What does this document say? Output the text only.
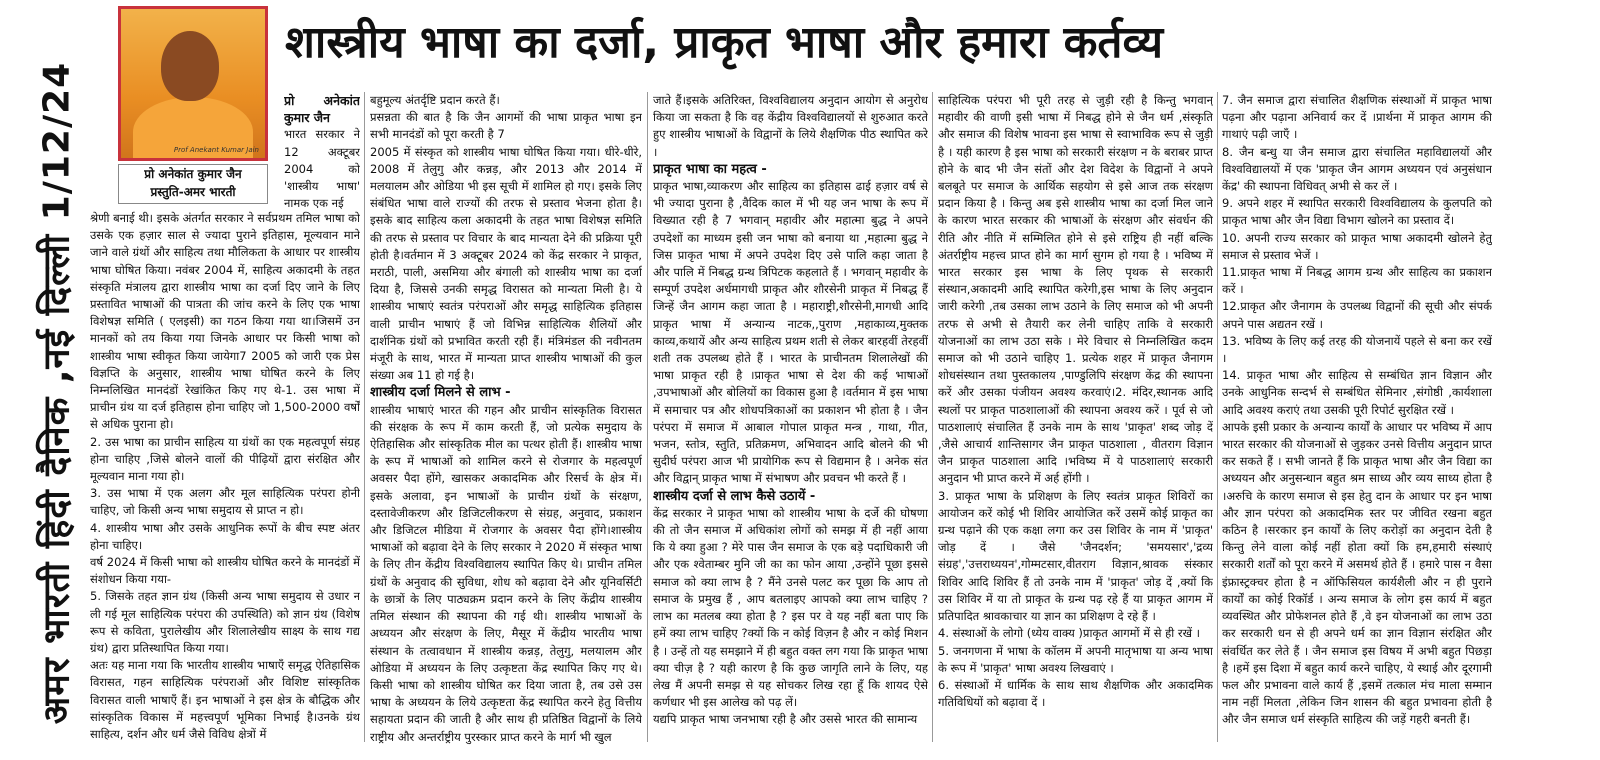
अमर भारती हिंदी दैनिक ,नई दिल्ली 1/12/24
शास्त्रीय भाषा का दर्जा, प्राकृत भाषा और हमारा कर्तव्य
Prof Anekant Kumar Jain
प्रो अनेकांत कुमार जैन
प्रस्तुति-अमर भारती

प्रो अनेकांत कुमार जैन

भारत सरकार ने 12 अक्टूबर 2004 को 'शास्त्रीय भाषा' नामक एक नई

श्रेणी बनाई थी। इसके अंतर्गत सरकार ने सर्वप्रथम तमिल भाषा को उसके एक हज़ार साल से ज्यादा पुराने इतिहास, मूल्यवान माने जाने वाले ग्रंथों और साहित्य तथा मौलिकता के आधार पर शास्त्रीय भाषा घोषित किया। नवंबर 2004 में, साहित्य अकादमी के तहत संस्कृति मंत्रालय द्वारा शास्त्रीय भाषा का दर्जा दिए जाने के लिए प्रस्तावित भाषाओं की पात्रता की जांच करने के लिए एक भाषा विशेषज्ञ समिति ( एलइसी) का गठन किया गया था।जिसमें उन मानकों को तय किया गया जिनके आधार पर किसी भाषा को शास्त्रीय भाषा स्वीकृत किया जायेगा7 2005 को जारी एक प्रेस विज्ञप्ति के अनुसार, शास्त्रीय भाषा घोषित करने के लिए निम्नलिखित मानदंडों रेखांकित किए गए थे-1. उस भाषा में प्राचीन ग्रंथ या दर्ज इतिहास होना चाहिए जो 1,500-2000 वर्षों से अधिक पुराना हो।

2. उस भाषा का प्राचीन साहित्य या ग्रंथों का एक महत्वपूर्ण संग्रह होना चाहिए ,जिसे बोलने वालों की पीढ़ियों द्वारा संरक्षित और मूल्यवान माना गया हो।

3. उस भाषा में एक अलग और मूल साहित्यिक परंपरा होनी चाहिए, जो किसी अन्य भाषा समुदाय से प्राप्त न हो।

4. शास्त्रीय भाषा और उसके आधुनिक रूपों के बीच स्पष्ट अंतर होना चाहिए।

वर्ष 2024 में किसी भाषा को शास्त्रीय घोषित करने के मानदंडों में संशोधन किया गया-

5. जिसके तहत ज्ञान ग्रंथ (किसी अन्य भाषा समुदाय से उधार न ली गई मूल साहित्यिक परंपरा की उपस्थिति) को ज्ञान ग्रंथ (विशेष रूप से कविता, पुरालेखीय और शिलालेखीय साक्ष्य के साथ गद्य ग्रंथ) द्वारा प्रतिस्थापित किया गया।

अतः यह माना गया कि भारतीय शास्त्रीय भाषाएँ समृद्ध ऐतिहासिक विरासत, गहन साहित्यिक परंपराओं और विशिष्ट सांस्कृतिक विरासत वाली भाषाएँ हैं। इन भाषाओं ने इस क्षेत्र के बौद्धिक और सांस्कृतिक विकास में महत्त्वपूर्ण भूमिका निभाई है।उनके ग्रंथ साहित्य, दर्शन और धर्म जैसे विविध क्षेत्रों में

बहुमूल्य अंतर्दृष्टि प्रदान करते हैं।

प्रसन्नता की बात है कि जैन आगमों की भाषा प्राकृत भाषा इन सभी मानदंडों को पूरा करती है 7

2005 में संस्कृत को शास्त्रीय भाषा घोषित किया गया। धीरे-धीरे, 2008 में तेलुगु और कन्नड़, और 2013 और 2014 में मलयालम और ओडिया भी इस सूची में शामिल हो गए। इसके लिए संबंधित भाषा वाले राज्यों की तरफ से प्रस्ताव भेजना होता है। इसके बाद साहित्य कला अकादमी के तहत भाषा विशेषज्ञ समिति की तरफ से प्रस्ताव पर विचार के बाद मान्यता देने की प्रक्रिया पूरी होती है।वर्तमान में 3 अक्टूबर 2024 को केंद्र सरकार ने प्राकृत, मराठी, पाली, असमिया और बंगाली को शास्त्रीय भाषा का दर्जा दिया है, जिससे उनकी समृद्ध विरासत को मान्यता मिली है। ये शास्त्रीय भाषाएं स्वतंत्र परंपराओं और समृद्ध साहित्यिक इतिहास वाली प्राचीन भाषाएं हैं जो विभिन्न साहित्यिक शैलियों और दार्शनिक ग्रंथों को प्रभावित करती रही हैं। मंत्रिमंडल की नवीनतम मंजूरी के साथ, भारत में मान्यता प्राप्त शास्त्रीय भाषाओं की कुल संख्या अब 11 हो गई है।

शास्त्रीय दर्जा मिलने से लाभ -

शास्त्रीय भाषाएं भारत की गहन और प्राचीन सांस्कृतिक विरासत की संरक्षक के रूप में काम करती हैं, जो प्रत्येक समुदाय के ऐतिहासिक और सांस्कृतिक मील का पत्थर होती हैं। शास्त्रीय भाषा के रूप में भाषाओं को शामिल करने से रोजगार के महत्वपूर्ण अवसर पैदा होंगे, खासकर अकादमिक और रिसर्च के क्षेत्र में। इसके अलावा, इन भाषाओं के प्राचीन ग्रंथों के संरक्षण, दस्तावेजीकरण और डिजिटलीकरण से संग्रह, अनुवाद, प्रकाशन और डिजिटल मीडिया में रोजगार के अवसर पैदा होंगे।शास्त्रीय भाषाओं को बढ़ावा देने के लिए सरकार ने 2020 में संस्कृत भाषा के लिए तीन केंद्रीय विश्वविद्यालय स्थापित किए थे। प्राचीन तमिल ग्रंथों के अनुवाद की सुविधा, शोध को बढ़ावा देने और यूनिवर्सिटी के छात्रों के लिए पाठ्यक्रम प्रदान करने के लिए केंद्रीय शास्त्रीय तमिल संस्थान की स्थापना की गई थी। शास्त्रीय भाषाओं के अध्ययन और संरक्षण के लिए, मैसूर में केंद्रीय भारतीय भाषा संस्थान के तत्वावधान में शास्त्रीय कन्नड़, तेलुगु, मलयालम और ओडिया में अध्ययन के लिए उत्कृष्टता केंद्र स्थापित किए गए थे। किसी भाषा को शास्त्रीय घोषित कर दिया जाता है, तब उसे उस भाषा के अध्ययन के लिये उत्कृष्टता केंद्र स्थापित करने हेतु वित्तीय सहायता प्रदान की जाती है और साथ ही प्रतिष्ठित विद्वानों के लिये राष्ट्रीय और अन्तर्राष्ट्रीय पुरस्कार प्राप्त करने के मार्ग भी खुल

जाते हैं।इसके अतिरिक्त, विश्वविद्यालय अनुदान आयोग से अनुरोध किया जा सकता है कि वह केंद्रीय विश्वविद्यालयों से शुरुआत करते हुए शास्त्रीय भाषाओं के विद्वानों के लिये शैक्षणिक पीठ स्थापित करे ।

प्राकृत भाषा का महत्व -

प्राकृत भाषा,व्याकरण और साहित्य का इतिहास ढाई हज़ार वर्ष से भी ज्यादा पुराना है ,वैदिक काल में भी यह जन भाषा के रूप में विख्यात रही है 7 भगवान् महावीर और महात्मा बुद्ध ने अपने उपदेशों का माध्यम इसी जन भाषा को बनाया था ,महात्मा बुद्ध ने जिस प्राकृत भाषा में अपने उपदेश दिए उसे पालि कहा जाता है और पालि में निबद्ध ग्रन्थ त्रिपिटक कहलाते हैं । भगवान् महावीर के सम्पूर्ण उपदेश अर्धमागधी प्राकृत और शौरसेनी प्राकृत में निबद्ध हैं जिन्हें जैन आगम कहा जाता है । महाराष्ट्री,शौरसेनी,मागधी आदि प्राकृत भाषा में अन्यान्य नाटक,,पुराण ,महाकाव्य,मुक्तक काव्य,कथायें और अन्य साहित्य प्रथम शती से लेकर बारहवीं तेरहवीं शती तक उपलब्ध होते हैं । भारत के प्राचीनतम शिलालेखों की भाषा प्राकृत रही है ।प्राकृत भाषा से देश की कई भाषाओं ,उपभाषाओं और बोलियों का विकास हुआ है ।वर्तमान में इस भाषा में समाचार पत्र और शोधपत्रिकाओं का प्रकाशन भी होता है । जैन परंपरा में समाज में आबाल गोपाल प्राकृत मन्त्र , गाथा, गीत, भजन, स्तोत्र, स्तुति, प्रतिक्रमण, अभिवादन आदि बोलने की भी सुदीर्घ परंपरा आज भी प्रायोगिक रूप से विद्यमान है । अनेक संत और विद्वान् प्राकृत भाषा में संभाषण और प्रवचन भी करते हैं ।

शास्त्रीय दर्जा से लाभ कैसे उठायें -

केंद्र सरकार ने प्राकृत भाषा को शास्त्रीय भाषा के दर्जे की घोषणा की तो जैन समाज में अधिकांश लोगों को समझ में ही नहीं आया कि ये क्या हुआ ? मेरे पास जैन समाज के एक बड़े पदाधिकारी जी और एक श्वेताम्बर मुनि जी का का फोन आया ,उन्होंने पूछा इससे समाज को क्या लाभ है ? मैंने उनसे पलट कर पूछा कि आप तो समाज के प्रमुख हैं , आप बतलाइए आपको क्या लाभ चाहिए ? लाभ का मतलब क्या होता है ? इस पर वे यह नहीं बता पाए कि हमें क्या लाभ चाहिए ?क्यों कि न कोई विज़न है और न कोई मिशन है । उन्हें तो यह समझाने में ही बहुत वक्त लग गया कि प्राकृत भाषा क्या चीज़ है ? यही कारण है कि कुछ जागृति लाने के लिए, यह लेख मैं अपनी समझ से यह सोचकर लिख रहा हूँ कि शायद ऐसे कर्णधार भी इस आलेख को पढ़ लें।

यद्यपि प्राकृत भाषा जनभाषा रही है और उससे भारत की सामान्य

साहित्यिक परंपरा भी पूरी तरह से जुड़ी रही है किन्तु भगवान् महावीर की वाणी इसी भाषा में निबद्ध होने से जैन धर्म ,संस्कृति और समाज की विशेष भावना इस भाषा से स्वाभाविक रूप से जुड़ी है । यही कारण है इस भाषा को सरकारी संरक्षण न के बराबर प्राप्त होने के बाद भी जैन संतों और देश विदेश के विद्वानों ने अपने बलबूते पर समाज के आर्थिक सहयोग से इसे आज तक संरक्षण प्रदान किया है । किन्तु अब इसे शास्त्रीय भाषा का दर्जा मिल जाने के कारण भारत सरकार की भाषाओं के संरक्षण और संवर्धन की रीति और नीति में सम्मिलित होने से इसे राष्ट्रिय ही नहीं बल्कि अंतर्राष्ट्रीय महत्त्व प्राप्त होने का मार्ग सुगम हो गया है । भविष्य में भारत सरकार इस भाषा के लिए पृथक से सरकारी संस्थान,अकादमी आदि स्थापित करेगी,इस भाषा के लिए अनुदान जारी करेगी ,तब उसका लाभ उठाने के लिए समाज को भी अपनी तरफ से अभी से तैयारी कर लेनी चाहिए ताकि वे सरकारी योजनाओं का लाभ उठा सके । मेरे विचार से निम्नलिखित कदम समाज को भी उठाने चाहिए 1. प्रत्येक शहर में प्राकृत जैनागम शोधसंस्थान तथा पुस्तकालय ,पाण्डुलिपि संरक्षण केंद्र की स्थापना करें और उसका पंजीयन अवश्य करवाएं।2. मंदिर,स्थानक आदि स्थलों पर प्राकृत पाठशालाओं की स्थापना अवश्य करें । पूर्व से जो पाठशालाएं संचालित हैं उनके नाम के साथ 'प्राकृत' शब्द जोड़ दें ,जैसे आचार्य शान्तिसागर जैन प्राकृत पाठशाला , वीतराग विज्ञान जैन प्राकृत पाठशाला आदि ।भविष्य में ये पाठशालाएं सरकारी अनुदान भी प्राप्त करने में अर्ह होंगी ।

3. प्राकृत भाषा के प्रशिक्षण के लिए स्वतंत्र प्राकृत शिविरों का आयोजन करें कोई भी शिविर आयोजित करें उसमें कोई प्राकृत का ग्रन्थ पढ़ाने की एक कक्षा लगा कर उस शिविर के नाम में 'प्राकृत' जोड़ दें । जैसे 'जैनदर्शन; 'समयसार','द्रव्य संग्रह','उत्तराध्ययन',गोम्मटसार,वीतराग विज्ञान,श्रावक संस्कार शिविर आदि शिविर हैं तो उनके नाम में 'प्राकृत' जोड़ दें ,क्यों कि उस शिविर में या तो प्राकृत के ग्रन्थ पढ़ रहे हैं या प्राकृत आगम में प्रतिपादित श्रावकाचार या ज्ञान का प्रशिक्षण दे रहे हैं ।

4. संस्थाओं के लोगो (ध्येय वाक्य )प्राकृत आगमों में से ही रखें ।

5. जनगणना में भाषा के कॉलम में अपनी मातृभाषा या अन्य भाषा के रूप में 'प्राकृत' भाषा अवश्य लिखवाएं ।

6. संस्थाओं में धार्मिक के साथ साथ शैक्षणिक और अकादमिक गतिविधियों को बढ़ावा दें ।

7. जैन समाज द्वारा संचालित शैक्षणिक संस्थाओं में प्राकृत भाषा पढ़ना और पढ़ाना अनिवार्य कर दें ।प्रार्थना में प्राकृत आगम की गाथाएं पढ़ी जाएँ ।

8. जैन बन्धु या जैन समाज द्वारा संचालित महाविद्यालयों और विश्वविद्यालयों में एक 'प्राकृत जैन आगम अध्ययन एवं अनुसंधान केंद्र' की स्थापना विधिवत् अभी से कर लें ।

9. अपने शहर में स्थापित सरकारी विश्वविद्यालय के कुलपति को प्राकृत भाषा और जैन विद्या विभाग खोलने का प्रस्ताव दें।

10. अपनी राज्य सरकार को प्राकृत भाषा अकादमी खोलने हेतु समाज से प्रस्ताव भेजें ।

11.प्राकृत भाषा में निबद्ध आगम ग्रन्थ और साहित्य का प्रकाशन करें ।

12.प्राकृत और जैनागम के उपलब्ध विद्वानों की सूची और संपर्क अपने पास अद्यतन रखें ।

13. भविष्य के लिए कई तरह की योजनायें पहले से बना कर रखें ।

14. प्राकृत भाषा और साहित्य से सम्बंधित ज्ञान विज्ञान और उनके आधुनिक सन्दर्भ से सम्बंधित सेमिनार ,संगोष्ठी ,कार्यशाला आदि अवश्य कराएं तथा उसकी पूरी रिपोर्ट सुरक्षित रखें ।

आपके इसी प्रकार के अन्यान्य कार्यों के आधार पर भविष्य में आप भारत सरकार की योजनाओं से जुड़कर उनसे वित्तीय अनुदान प्राप्त कर सकते हैं । सभी जानते हैं कि प्राकृत भाषा और जैन विद्या का अध्ययन और अनुसन्धान बहुत श्रम साध्य और व्यय साध्य होता है ।अरुचि के कारण समाज से इस हेतु दान के आधार पर इन भाषा और ज्ञान परंपरा को अकादमिक स्तर पर जीवित रखना बहुत कठिन है ।सरकार इन कार्यों के लिए करोड़ों का अनुदान देती है किन्तु लेने वाला कोई नहीं होता क्यों कि हम,हमारी संस्थाएं सरकारी शर्तों को पूरा करने में असमर्थ होते हैं । हमारे पास न वैसा इंफ्रास्ट्रक्चर होता है न ऑफिसियल कार्यशैली और न ही पुराने कार्यों का कोई रिकॉर्ड । अन्य समाज के लोग इस कार्य में बहुत व्यवस्थित और प्रोफेशनल होते हैं ,वे इन योजनाओं का लाभ उठा कर सरकारी धन से ही अपने धर्म का ज्ञान विज्ञान संरक्षित और संवर्धित कर लेते हैं । जैन समाज इस विषय में अभी बहुत पिछड़ा है ।हमें इस दिशा में बहुत कार्य करने चाहिए, ये स्थाई और दूरगामी फल और प्रभावना वाले कार्य हैं ,इसमें तत्काल मंच माला सम्मान नाम नहीं मिलता ,लेकिन जिन शासन की बहुत प्रभावना होती है और जैन समाज धर्म संस्कृति साहित्य की जड़ें गहरी बनती हैं।
